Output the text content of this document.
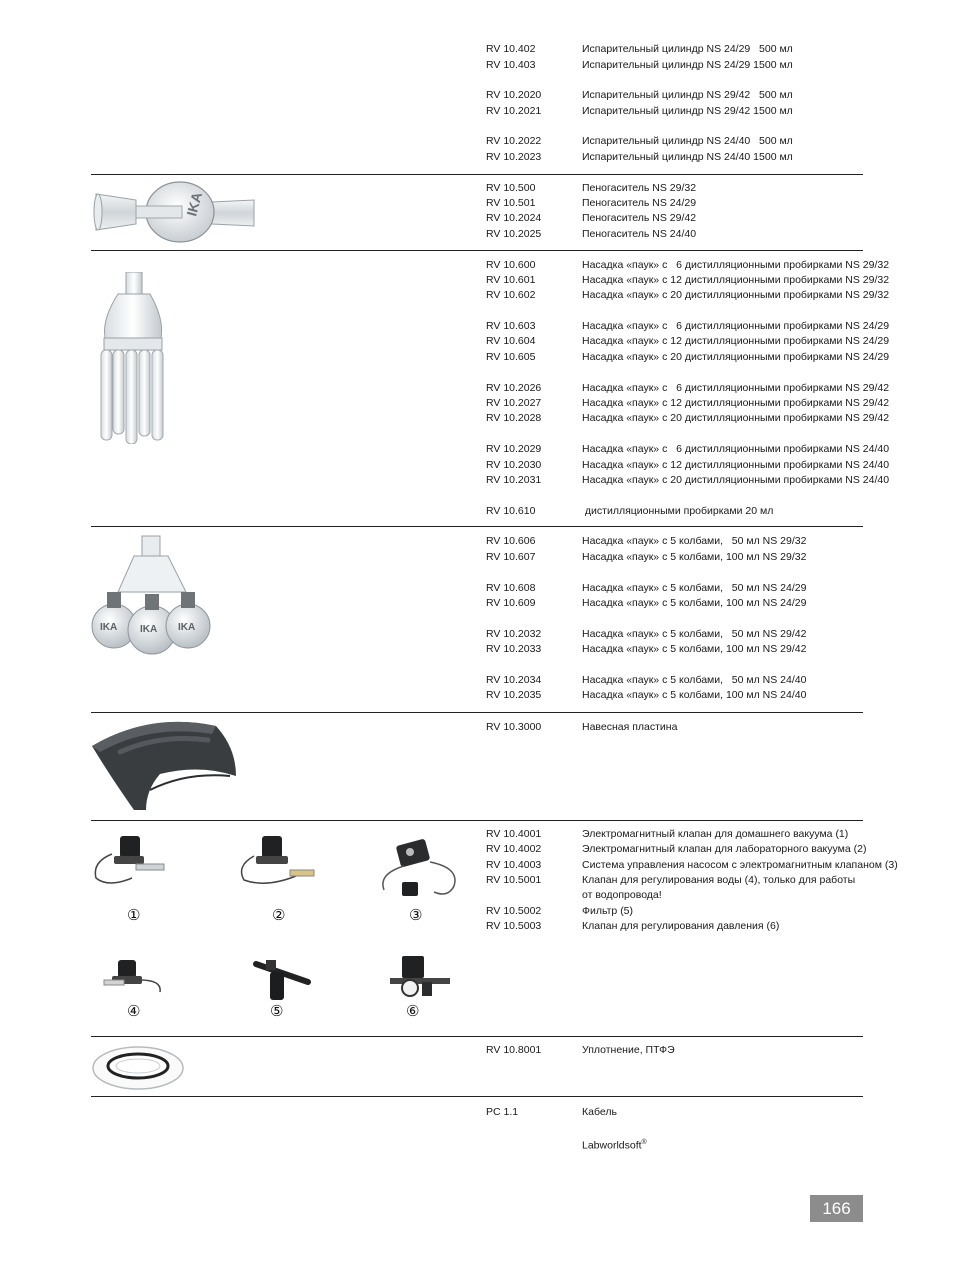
RV 10.402	Испарительный цилиндр NS 24/29   500 мл
RV 10.403	Испарительный цилиндр NS 24/29 1500 мл
RV 10.2020	Испарительный цилиндр NS 29/42   500 мл
RV 10.2021	Испарительный цилиндр NS 29/42 1500 мл
RV 10.2022	Испарительный цилиндр NS 24/40   500 мл
RV 10.2023	Испарительный цилиндр NS 24/40 1500 мл
RV 10.500	Пеногаситель NS 29/32
RV 10.501	Пеногаситель NS 24/29
RV 10.2024	Пеногаситель NS 29/42
RV 10.2025	Пеногаситель NS 24/40
RV 10.600	Насадка «паук» с   6 дистилляционными пробирками NS 29/32
RV 10.601	Насадка «паук» с 12 дистилляционными пробирками NS 29/32
RV 10.602	Насадка «паук» с 20 дистилляционными пробирками NS 29/32
RV 10.603	Насадка «паук» с   6 дистилляционными пробирками NS 24/29
RV 10.604	Насадка «паук» с 12 дистилляционными пробирками NS 24/29
RV 10.605	Насадка «паук» с 20 дистилляционными пробирками NS 24/29
RV 10.2026	Насадка «паук» с   6 дистилляционными пробирками NS 29/42
RV 10.2027	Насадка «паук» с 12 дистилляционными пробирками NS 29/42
RV 10.2028	Насадка «паук» с 20 дистилляционными пробирками NS 29/42
RV 10.2029	Насадка «паук» с   6 дистилляционными пробирками NS 24/40
RV 10.2030	Насадка «паук» с 12 дистилляционными пробирками NS 24/40
RV 10.2031	Насадка «паук» с 20 дистилляционными пробирками NS 24/40
RV 10.610	дистилляционными пробирками 20 мл
RV 10.606	Насадка «паук» с 5 колбами,   50 мл NS 29/32
RV 10.607	Насадка «паук» с 5 колбами, 100 мл NS 29/32
RV 10.608	Насадка «паук» с 5 колбами,   50 мл NS 24/29
RV 10.609	Насадка «паук» с 5 колбами, 100 мл NS 24/29
RV 10.2032	Насадка «паук» с 5 колбами,   50 мл NS 29/42
RV 10.2033	Насадка «паук» с 5 колбами, 100 мл NS 29/42
RV 10.2034	Насадка «паук» с 5 колбами,   50 мл NS 24/40
RV 10.2035	Насадка «паук» с 5 колбами, 100 мл NS 24/40
RV 10.3000	Навесная пластина
RV 10.4001	Электромагнитный клапан для домашнего вакуума (1)
RV 10.4002	Электромагнитный клапан для лабораторного вакуума (2)
RV 10.4003	Система управления насосом с электромагнитным клапаном (3)
RV 10.5001	Клапан для регулирования воды (4), только для работы от водопровода!
RV 10.5002	Фильтр (5)
RV 10.5003	Клапан для регулирования давления (6)
RV 10.8001	Уплотнение, ПТФЭ
PC 1.1	Кабель
Labworldsoft®
IKA
IKA IKA IKA
①	②	③
④	⑤	⑥
166
